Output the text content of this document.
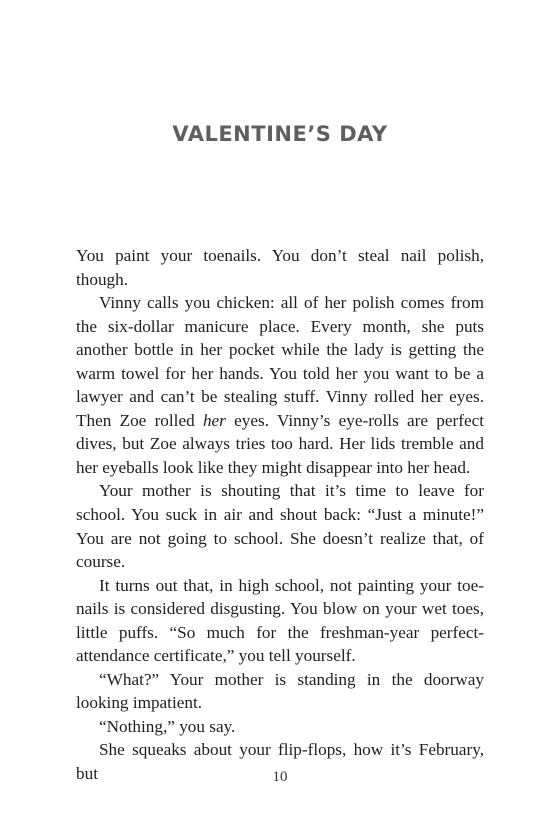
VALENTINE’S DAY

You paint your toenails. You don’t steal nail polish, though.

Vinny calls you chicken: all of her polish comes from the six-dollar manicure place. Every month, she puts another bottle in her pocket while the lady is getting the warm towel for her hands. You told her you want to be a lawyer and can’t be stealing stuff. Vinny rolled her eyes. Then Zoe rolled her eyes. Vinny’s eye-rolls are perfect dives, but Zoe always tries too hard. Her lids tremble and her eyeballs look like they might disappear into her head.

Your mother is shouting that it’s time to leave for school. You suck in air and shout back: “Just a minute!” You are not going to school. She doesn’t realize that, of course.

It turns out that, in high school, not painting your toenails is considered disgusting. You blow on your wet toes, little puffs. “So much for the freshman-year perfect-attendance certificate,” you tell yourself.

“What?” Your mother is standing in the doorway looking impatient.

“Nothing,” you say.

She squeaks about your flip-flops, how it’s February, but	10
